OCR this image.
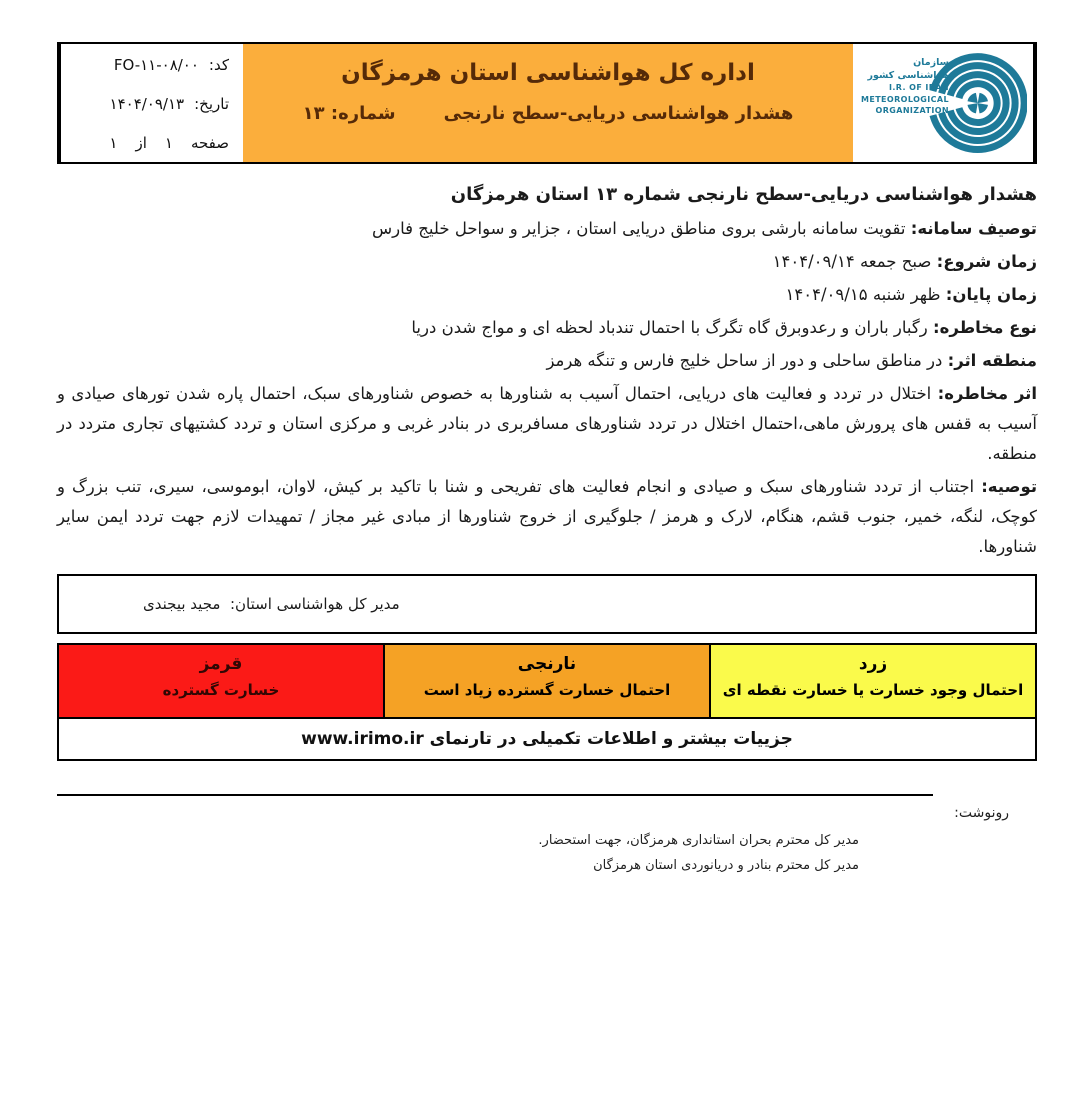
کد:
FO-۱۱-۰۸/۰۰
تاریخ:
۱۴۰۴/۰۹/۱۳
صفحه
۱
از
۱
اداره کل هواشناسی استان هرمزگان
هشدار هواشناسی دریایی-سطح نارنجی
شماره: ۱۳
سازمان هواشناسی کشور
I.R. OF IRAN
METEOROLOGICAL
ORGANIZATION

هشدار هواشناسی دریایی-سطح نارنجی شماره ۱۳ استان هرمزگان

توصیف سامانه: تقویت سامانه بارشی بروی مناطق دریایی استان ، جزایر و سواحل خلیج فارس

زمان شروع: صبح جمعه ۱۴۰۴/۰۹/۱۴

زمان پایان: ظهر شنبه ۱۴۰۴/۰۹/۱۵

نوع مخاطره: رگبار باران و رعدوبرق گاه تگرگ با احتمال تندباد لحظه ای و مواج شدن دریا

منطقه اثر: در مناطق ساحلی و دور از ساحل خلیج فارس و تنگه هرمز

اثر مخاطره: اختلال در تردد و فعالیت های دریایی، احتمال آسیب به شناورها به خصوص شناورهای سبک، احتمال پاره شدن تورهای صیادی و آسیب به قفس های پرورش ماهی،احتمال اختلال در تردد شناورهای مسافربری در بنادر غربی و مرکزی استان و تردد کشتیهای تجاری متردد در منطقه.

توصیه: اجتناب از تردد شناورهای سبک و صیادی و انجام فعالیت های تفریحی و شنا با تاکید بر کیش، لاوان، ابوموسی، سیری، تنب بزرگ و کوچک، لنگه، خمیر، جنوب قشم، هنگام، لارک و هرمز / جلوگیری از خروج شناورها از مبادی غیر مجاز / تمهیدات لازم جهت تردد ایمن سایر شناورها.

مدیر کل هواشناسی استان:  مجید بیجندی
قرمز
خسارت گسترده
نارنجی
احتمال خسارت گسترده زیاد است
زرد
احتمال وجود خسارت یا خسارت نقطه ای
جزییات بیشتر و اطلاعات تکمیلی در تارنمای www.irimo.ir
رونوشت:
مدیر کل محترم بحران استانداری هرمزگان، جهت استحضار.
مدیر کل محترم بنادر و دریانوردی استان هرمزگان
